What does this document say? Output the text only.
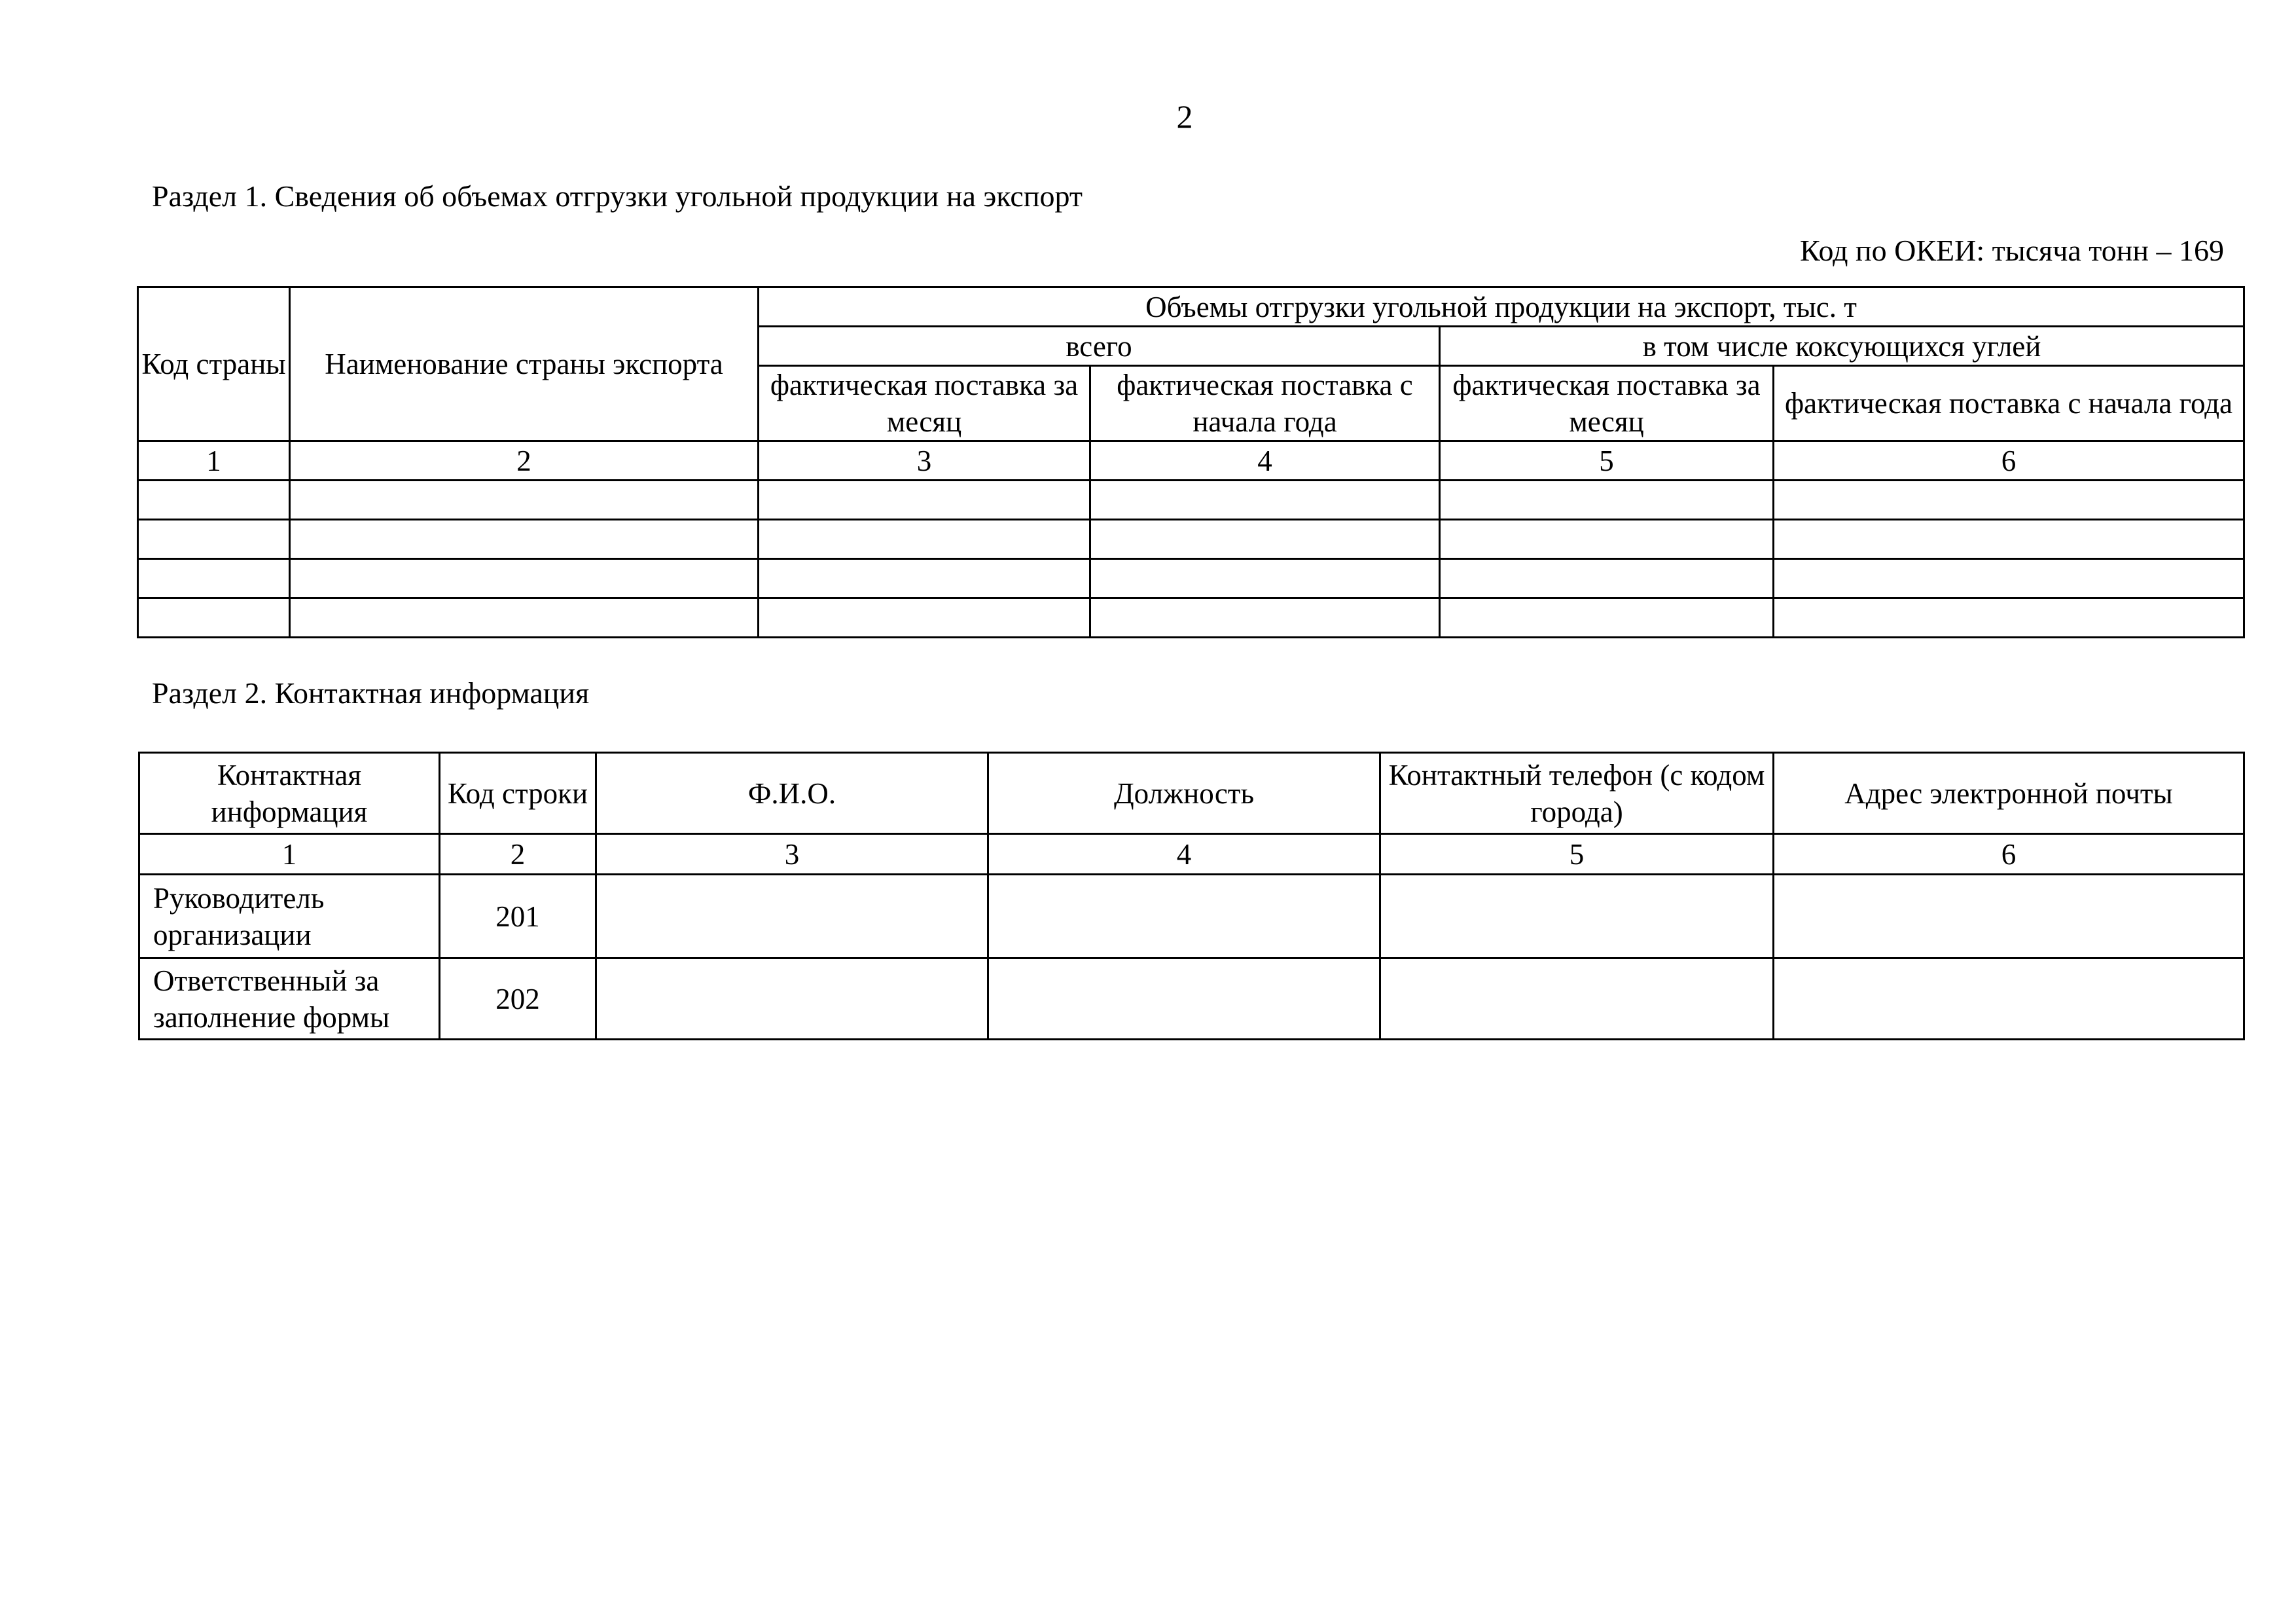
2
Раздел 1. Сведения об объемах отгрузки угольной продукции на экспорт
Код по ОКЕИ: тысяча тонн – 169
Код страны	Наименование страны экспорта	Объемы отгрузки угольной продукции на экспорт, тыс. т			
		всего		в том числе коксующихся углей	
		фактическая поставка за месяц	фактическая поставка с начала года	фактическая поставка за месяц	фактическая поставка с начала года
1	2	3	4	5	6

Раздел 2. Контактная информация
Контактная информация	Код строки	Ф.И.О.	Должность	Контактный телефон (с кодом города)	Адрес электронной почты
1	2	3	4	5	6
Руководитель организации	201				
Ответственный за заполнение формы	202				
